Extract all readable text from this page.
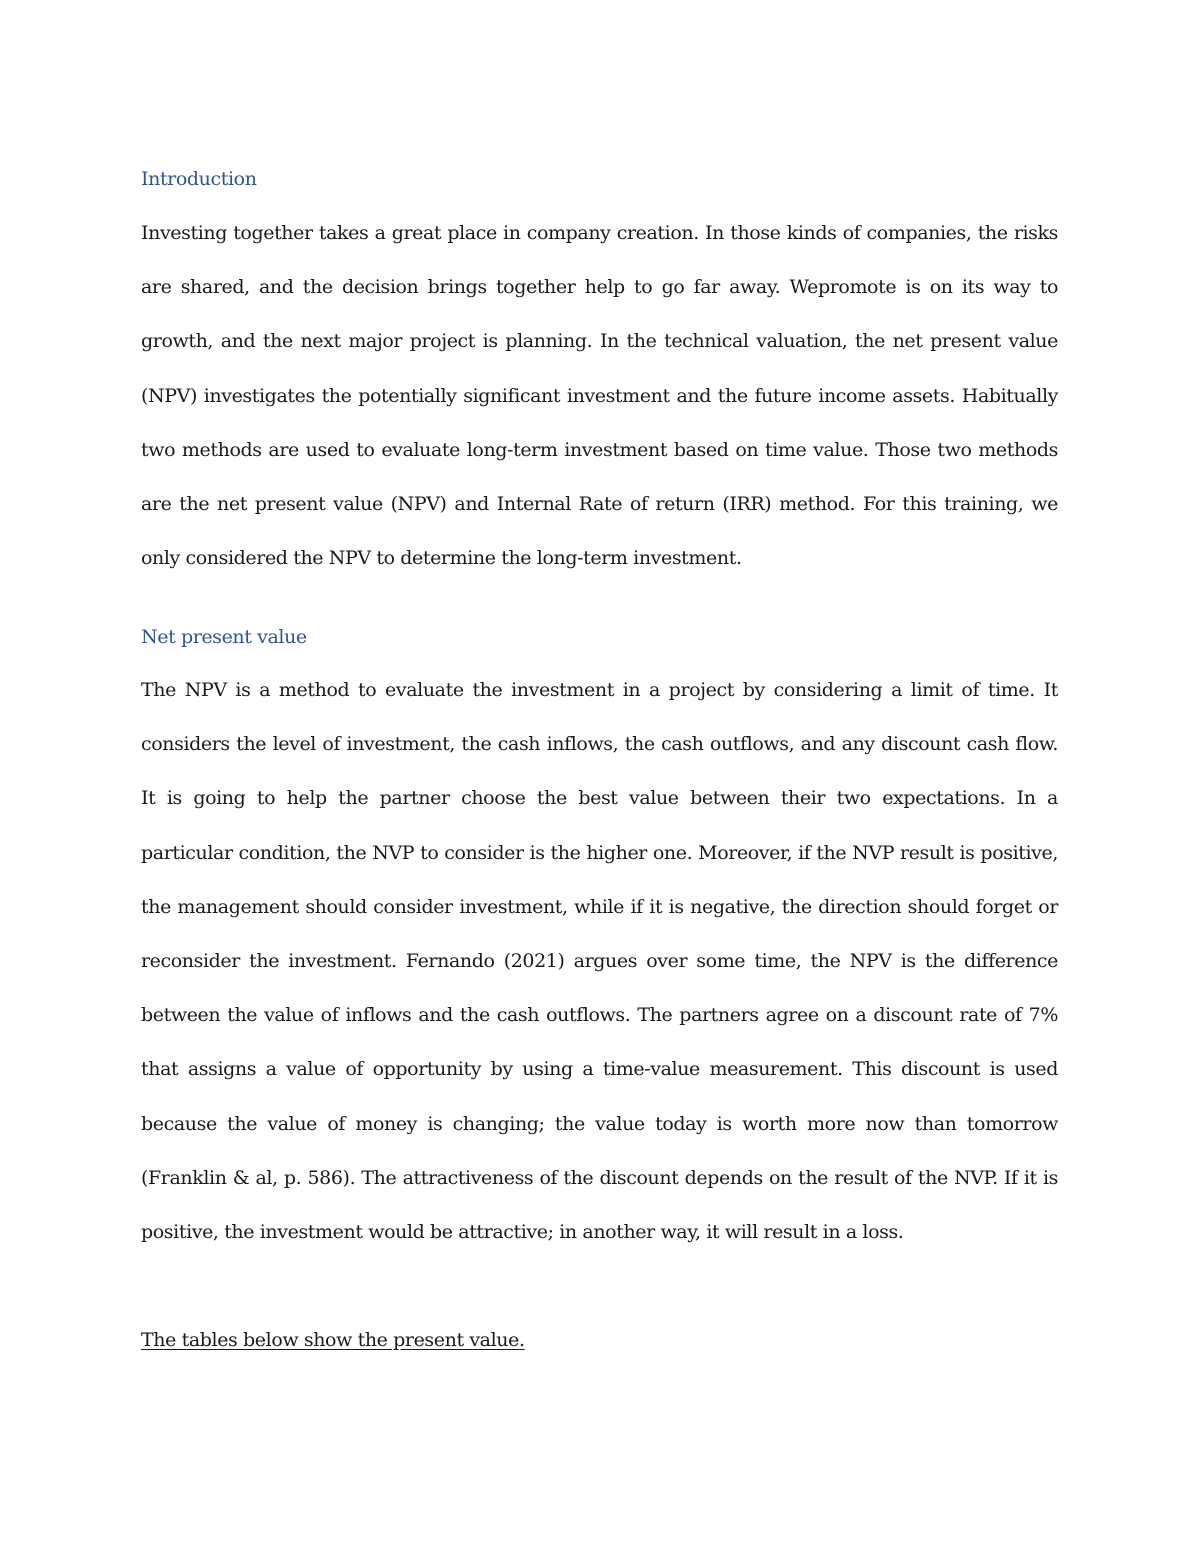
Introduction

Investing together takes a great place in company creation. In those kinds of companies, the risks are shared, and the decision brings together help to go far away. Wepromote is on its way to growth, and the next major project is planning. In the technical valuation, the net present value (NPV) investigates the potentially significant investment and the future income assets. Habitually two methods are used to evaluate long-term investment based on time value. Those two methods are the net present value (NPV) and Internal Rate of return (IRR) method. For this training, we only considered the NPV to determine the long-term investment.

Net present value

The NPV is a method to evaluate the investment in a project by considering a limit of time. It considers the level of investment, the cash inflows, the cash outflows, and any discount cash flow. It is going to help the partner choose the best value between their two expectations. In a particular condition, the NVP to consider is the higher one. Moreover, if the NVP result is positive, the management should consider investment, while if it is negative, the direction should forget or reconsider the investment. Fernando (2021) argues over some time, the NPV is the difference between the value of inflows and the cash outflows. The partners agree on a discount rate of 7% that assigns a value of opportunity by using a time-value measurement. This discount is used because the value of money is changing; the value today is worth more now than tomorrow (Franklin & al, p. 586). The attractiveness of the discount depends on the result of the NVP. If it is positive, the investment would be attractive; in another way, it will result in a loss.

The tables below show the present value.
